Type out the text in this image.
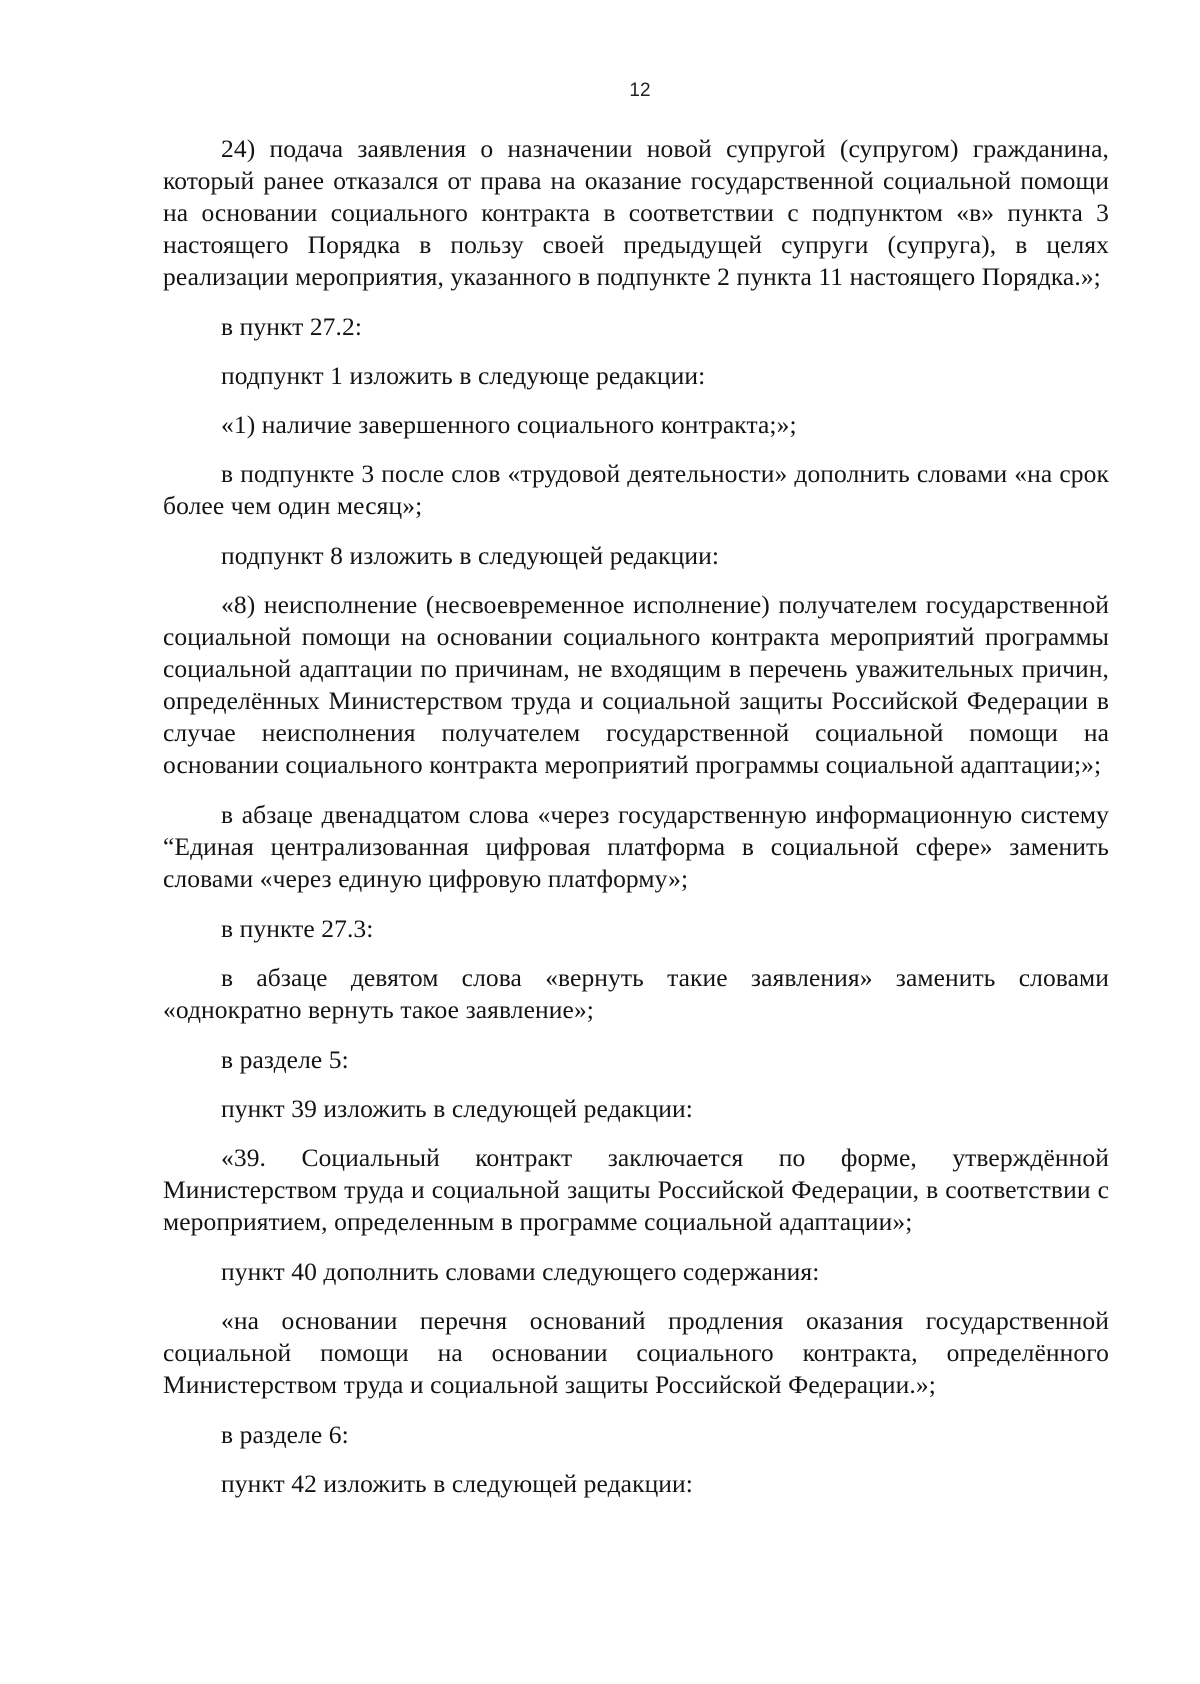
12

24) подача заявления о назначении новой супругой (супругом) гражданина, который ранее отказался от права на оказание государственной социальной помощи на основании социального контракта в соответствии с подпунктом «в» пункта 3 настоящего Порядка в пользу своей предыдущей супруги (супруга), в целях реализации мероприятия, указанного в подпункте 2 пункта 11 настоящего Порядка.»;

в пункт 27.2:

подпункт 1 изложить в следующе редакции:

«1) наличие завершенного социального контракта;»;

в подпункте 3 после слов «трудовой деятельности» дополнить словами «на срок более чем один месяц»;

подпункт 8 изложить в следующей редакции:

«8) неисполнение (несвоевременное исполнение) получателем государственной социальной помощи на основании социального контракта мероприятий программы социальной адаптации по причинам, не входящим в перечень уважительных причин, определённых Министерством труда и социальной защиты Российской Федерации в случае неисполнения получателем государственной социальной помощи на основании социального контракта мероприятий программы социальной адаптации;»;

в абзаце двенадцатом слова «через государственную информационную систему “Единая централизованная цифровая платформа в социальной сфере» заменить словами «через единую цифровую платформу»;

в пункте 27.3:

в абзаце девятом слова «вернуть такие заявления» заменить словами «однократно вернуть такое заявление»;

в разделе 5:

пункт 39 изложить в следующей редакции:

«39. Социальный контракт заключается по форме, утверждённой Министерством труда и социальной защиты Российской Федерации, в соответствии с мероприятием, определенным в программе социальной адаптации»;

пункт 40 дополнить словами следующего содержания:

«на основании перечня оснований продления оказания государственной социальной помощи на основании социального контракта, определённого Министерством труда и социальной защиты Российской Федерации.»;

в разделе 6:

пункт 42 изложить в следующей редакции:
